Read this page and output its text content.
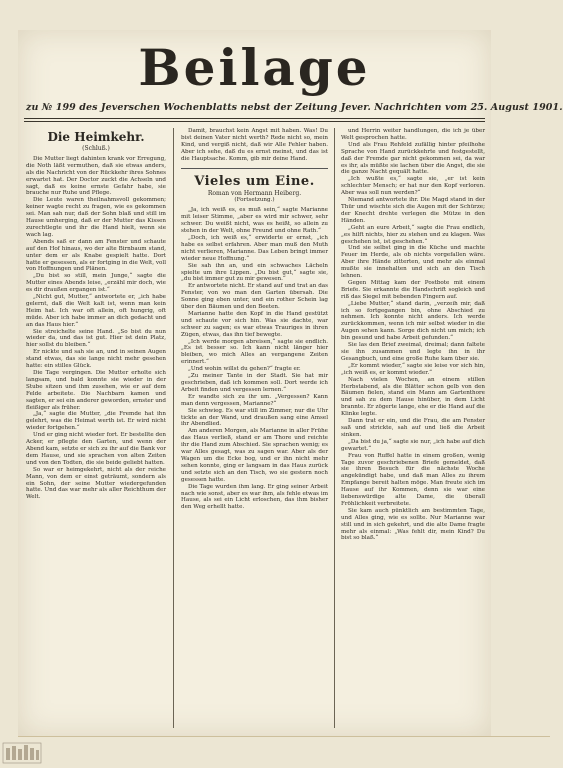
Beilage
zu № 199 des Jeverschen Wochenblatts nebst der Zeitung Jever. Nachrichten vom 25. August 1901.
Die Heimkehr.
(Schluß.)

Die Mutter liegt dahinten krank vor Erregung, die Noth läßt vermuthen, daß sie etwas anders, als die Nachricht von der Rückkehr ihres Sohnes erwartet hat. Der Doctor zuckt die Achseln und sagt, daß es keine ernste Gefahr habe, sie brauche nur Ruhe und Pflege.

Die Leute waren theilnahmsvoll gekommen; keiner wagte recht zu fragen, wie es gekommen sei. Man sah nur, daß der Sohn blaß und still im Hause umherging, daß er der Mutter das Kissen zurechtlegte und ihr die Hand hielt, wenn sie wach lag.

Abends saß er dann am Fenster und schaute auf den Hof hinaus, wo der alte Birnbaum stand, unter dem er als Knabe gespielt hatte. Dort hatte er gesessen, als er fortging in die Welt, voll von Hoffnungen und Plänen.

„Du bist so still, mein Junge,“ sagte die Mutter eines Abends leise, „erzähl mir doch, wie es dir draußen ergangen ist.“

„Nicht gut, Mutter,“ antwortete er, „ich habe gelernt, daß die Welt kalt ist, wenn man kein Heim hat. Ich war oft allein, oft hungrig, oft müde. Aber ich habe immer an dich gedacht und an das Haus hier.“

Sie streichelte seine Hand. „So bist du nun wieder da, und das ist gut. Hier ist dein Platz, hier sollst du bleiben.“

Er nickte und sah sie an, und in seinen Augen stand etwas, das sie lange nicht mehr gesehen hatte: ein stilles Glück.

Die Tage vergingen. Die Mutter erholte sich langsam, und bald konnte sie wieder in der Stube sitzen und ihm zusehen, wie er auf dem Felde arbeitete. Die Nachbarn kamen und sagten, er sei ein anderer geworden, ernster und fleißiger als früher.

„Ja,“ sagte die Mutter, „die Fremde hat ihn gelehrt, was die Heimat werth ist. Er wird nicht wieder fortgehen.“

Und er ging nicht wieder fort. Er bestellte den Acker, er pflegte den Garten, und wenn der Abend kam, setzte er sich zu ihr auf die Bank vor dem Hause, und sie sprachen von alten Zeiten und von den Todten, die sie beide geliebt hatten.

So war er heimgekehrt, nicht als der reiche Mann, von dem er einst geträumt, sondern als ein Sohn, der seine Mutter wiedergefunden hatte. Und das war mehr als aller Reichthum der Welt.

Damit, brauchst kein Angst mit haben. Was! Du bist deinen Vater nicht werth? Rede nicht so, mein Kind, und vergiß nicht, daß wir Alle Fehler haben. Aber ich sehe, daß du es ernst meinst, und das ist die Hauptsache. Komm, gib mir deine Hand.

Vieles um Eine.
Roman von Hermann Heiberg.
(Fortsetzung.)

„Ja, ich weiß es, es muß sein,“ sagte Marianne mit leiser Stimme, „aber es wird mir schwer, sehr schwer. Du weißt nicht, was es heißt, so allein zu stehen in der Welt, ohne Freund und ohne Rath.“

„Doch, ich weiß es,“ erwiderte er ernst, „ich habe es selbst erfahren. Aber man muß den Muth nicht verlieren, Marianne. Das Leben bringt immer wieder neue Hoffnung.“

Sie sah ihn an, und ein schwaches Lächeln spielte um ihre Lippen. „Du bist gut,“ sagte sie, „du bist immer gut zu mir gewesen.“

Er antwortete nicht. Er stand auf und trat an das Fenster, von wo man den Garten übersah. Die Sonne ging eben unter, und ein rother Schein lag über den Bäumen und den Beeten.

Marianne hatte den Kopf in die Hand gestützt und schaute vor sich hin. Was sie dachte, war schwer zu sagen; es war etwas Trauriges in ihren Zügen, etwas, das ihn tief bewegte.

„Ich werde morgen abreisen,“ sagte sie endlich. „Es ist besser so. Ich kann nicht länger hier bleiben, wo mich Alles an vergangene Zeiten erinnert.“

„Und wohin willst du gehen?“ fragte er.

„Zu meiner Tante in der Stadt. Sie hat mir geschrieben, daß ich kommen soll. Dort werde ich Arbeit finden und vergessen lernen.“

Er wandte sich zu ihr um. „Vergessen? Kann man denn vergessen, Marianne?“

Sie schwieg. Es war still im Zimmer, nur die Uhr tickte an der Wand, und draußen sang eine Amsel ihr Abendlied.

Am anderen Morgen, als Marianne in aller Frühe das Haus verließ, stand er am Thore und reichte ihr die Hand zum Abschied. Sie sprachen wenig; es war Alles gesagt, was zu sagen war. Aber als der Wagen um die Ecke bog, und er ihn nicht mehr sehen konnte, ging er langsam in das Haus zurück und setzte sich an den Tisch, wo sie gestern noch gesessen hatte.

Die Tage wurden ihm lang. Er ging seiner Arbeit nach wie sonst, aber es war ihm, als fehle etwas im Hause, als sei ein Licht erloschen, das ihm bisher den Weg erhellt hatte.

und Herrin weiter handlungen, die ich je über Welt gesprochen hatte.

Und als Frau Rehfeld zufällig hinter pfeilhohe Sprache von Hand zurückkehrte und festgestellt, daß der Fremde gar nicht gekommen sei, da war es ihr, als müßte sie lachen über die Angst, die sie die ganze Nacht gequält hatte.

„Ich wußte es,“ sagte sie, „er ist kein schlechter Mensch; er hat nur den Kopf verloren. Aber was soll nun werden?“

Niemand antwortete ihr. Die Magd stand in der Thür und wischte sich die Augen mit der Schürze; der Knecht drehte verlegen die Mütze in den Händen.

„Geht an eure Arbeit,“ sagte die Frau endlich, „es hilft nichts, hier zu stehen und zu klagen. Was geschehen ist, ist geschehen.“

Und sie selbst ging in die Küche und machte Feuer im Herde, als ob nichts vorgefallen wäre. Aber ihre Hände zitterten, und mehr als einmal mußte sie innehalten und sich an den Tisch lehnen.

Gegen Mittag kam der Postbote mit einem Briefe. Sie erkannte die Handschrift sogleich und riß das Siegel mit bebenden Fingern auf.

„Liebe Mutter,“ stand darin, „verzeih mir, daß ich so fortgegangen bin, ohne Abschied zu nehmen. Ich konnte nicht anders. Ich werde zurückkommen, wenn ich mir selbst wieder in die Augen sehen kann. Sorge dich nicht um mich; ich bin gesund und habe Arbeit gefunden.“

Sie las den Brief zweimal, dreimal; dann faltete sie ihn zusammen und legte ihn in ihr Gesangbuch, und eine große Ruhe kam über sie.

„Er kommt wieder,“ sagte sie leise vor sich hin, „ich weiß es, er kommt wieder.“

Nach vielen Wochen, an einem stillen Herbstabend, als die Blätter schon gelb von den Bäumen fielen, stand ein Mann am Gartenthore und sah zu dem Hause hinüber, in dem Licht brannte. Er zögerte lange, ehe er die Hand auf die Klinke legte.

Dann trat er ein, und die Frau, die am Fenster saß und strickte, sah auf und ließ die Arbeit sinken.

„Da bist du ja,“ sagte sie nur, „ich habe auf dich gewartet.“

Frau von Ruffel hatte in einem großen, wenig Tage zuvor geschriebenen Briefe gemeldet, daß sie ihren Besuch für die nächste Woche angekündigt habe, und daß man Alles zu ihrem Empfange bereit halten möge. Man freute sich im Hause auf ihr Kommen, denn sie war eine liebenswürdige alte Dame, die überall Fröhlichkeit verbreitete.

Sie kam auch pünktlich am bestimmten Tage, und Alles ging, wie es sollte. Nur Marianne war still und in sich gekehrt, und die alte Dame fragte mehr als einmal: „Was fehlt dir, mein Kind? Du bist so blaß.“
